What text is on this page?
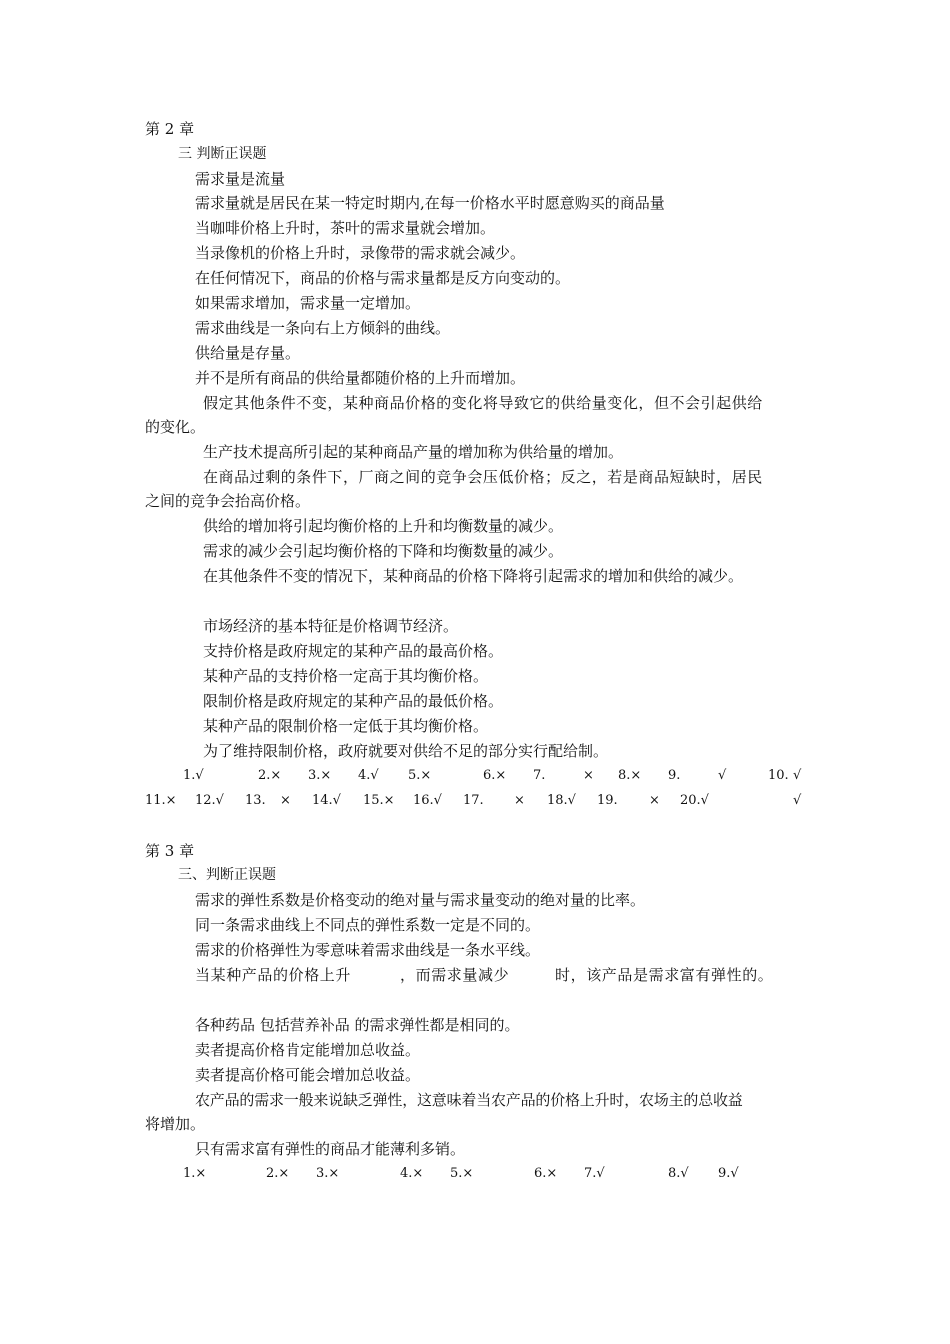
第 2 章
三 判断正误题
需求量是流量
需求量就是居民在某一特定时期内,在每一价格水平时愿意购买的商品量
当咖啡价格上升时，茶叶的需求量就会增加。
当录像机的价格上升时，录像带的需求就会减少。
在任何情况下，商品的价格与需求量都是反方向变动的。
如果需求增加，需求量一定增加。
需求曲线是一条向右上方倾斜的曲线。
供给量是存量。
并不是所有商品的供给量都随价格的上升而增加。
假定其他条件不变，某种商品价格的变化将导致它的供给量变化，但不会引起供给
的变化。
生产技术提高所引起的某种商品产量的增加称为供给量的增加。
在商品过剩的条件下，厂商之间的竞争会压低价格；反之，若是商品短缺时，居民
之间的竞争会抬高价格。
供给的增加将引起均衡价格的上升和均衡数量的减少。
需求的减少会引起均衡价格的下降和均衡数量的减少。
在其他条件不变的情况下，某种商品的价格下降将引起需求的增加和供给的减少。
市场经济的基本特征是价格调节经济。
支持价格是政府规定的某种产品的最高价格。
某种产品的支持价格一定高于其均衡价格。
限制价格是政府规定的某种产品的最低价格。
某种产品的限制价格一定低于其均衡价格。
为了维持限制价格，政府就要对供给不足的部分实行配给制。
1.√	2.× 3.× 4.√ 5.×	6.× 7.	× 8.× 9.	√	10. √
11.× 12.√ 13. × 14.√ 15.× 16.√ 17. × 18.√ 19. × 20.√	√
第 3 章
三、判断正误题
需求的弹性系数是价格变动的绝对量与需求量变动的绝对量的比率。
同一条需求曲线上不同点的弹性系数一定是不同的。
需求的价格弹性为零意味着需求曲线是一条水平线。
当某种产品的价格上升	，而需求量减少	时，该产品是需求富有弹性的。
各种药品 包括营养补品 的需求弹性都是相同的。
卖者提高价格肯定能增加总收益。
卖者提高价格可能会增加总收益。
农产品的需求一般来说缺乏弹性，这意味着当农产品的价格上升时，农场主的总收益
将增加。
只有需求富有弹性的商品才能薄利多销。
1.×	2.× 3.×	4.× 5.×	6.× 7.√	8.√ 9.√
